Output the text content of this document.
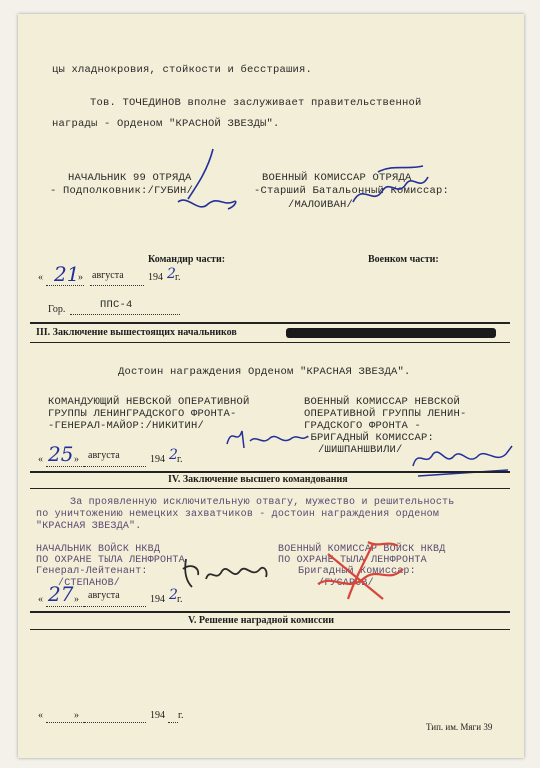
цы хладнокровия, стойкости и бесстрашия.
Тов. ТОЧЕДИНОВ вполне заслуживает правительственной
награды - Орденом "КРАСНОЙ ЗВЕЗДЫ".
НАЧАЛЬНИК 99 ОТРЯДА
- Подполковник:/ГУБИН/
ВОЕННЫЙ КОМИССАР ОТРЯДА
-Старший Батальонный Комиссар:
/МАЛОИВАН/
Командир части:	Военком части:
« 21
» августа 194 2 г.
Гор.	ППС-4
III. Заключение вышестоящих начальников
Достоин награждения Орденом "КРАСНАЯ ЗВЕЗДА".
КОМАНДУЮЩИЙ НЕВСКОЙ ОПЕРАТИВНОЙ
ГРУППЫ ЛЕНИНГРАДСКОГО ФРОНТА-
-ГЕНЕРАЛ-МАЙОР:/НИКИТИН/
ВОЕННЫЙ КОМИССАР НЕВСКОЙ
ОПЕРАТИВНОЙ ГРУППЫ ЛЕНИН-
ГРАДСКОГО ФРОНТА -
-БРИГАДНЫЙ КОМИССАР:
/ШИШПАНШВИЛИ/
« 25 » августа	194 2 г.
IV. Заключение высшего командования
За проявленную исключительную отвагу, мужество и решительность
по уничтожению немецких захватчиков - достоин награждения орденом
"КРАСНАЯ ЗВЕЗДА".
НАЧАЛЬНИК ВОЙСК НКВД
ПО ОХРАНЕ ТЫЛА ЛЕНФРОНТА
Генерал-Лейтенант:
/СТЕПАНОВ/
ВОЕННЫЙ КОМИССАР ВОЙСК НКВД
ПО ОХРАНЕ ТЫЛА ЛЕНФРОНТА
Бригадный Комиссар:
/ГУСАРОВ/
« 27 » августа	194 2 г.
V. Решение наградной комиссии
«	»	194 г.
Тип. им. Мяги 39
